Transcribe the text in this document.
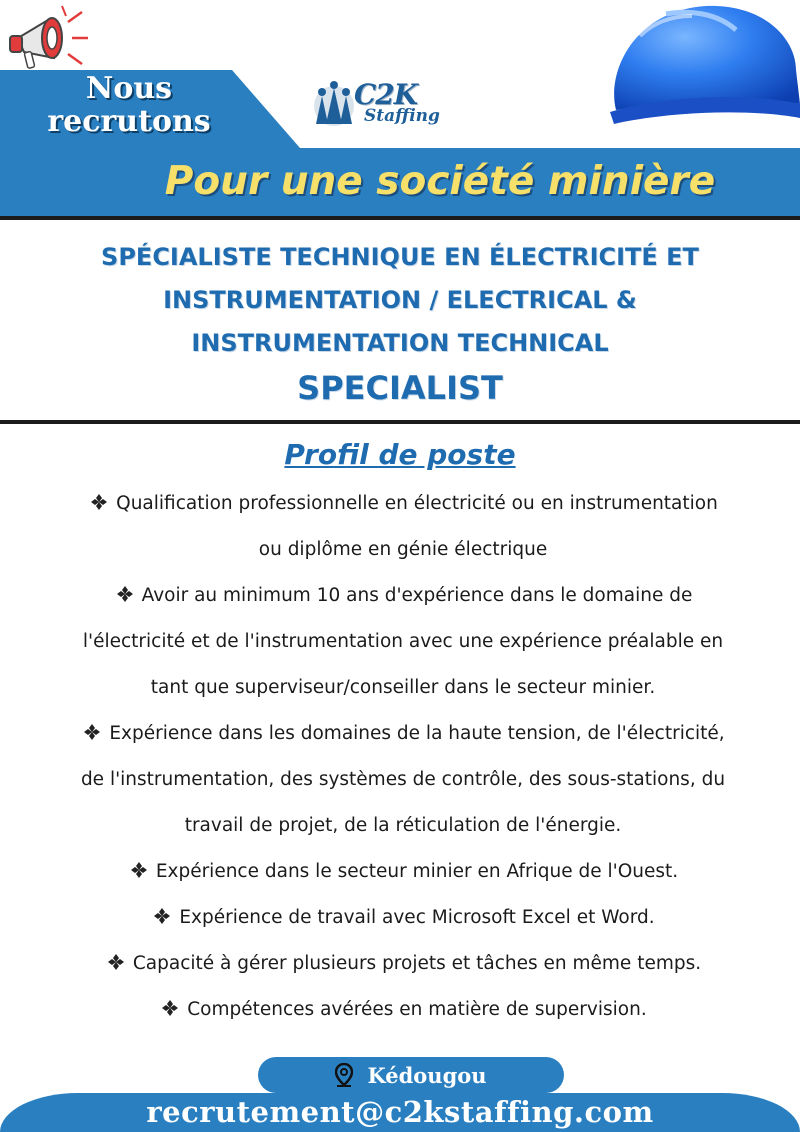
Nous
recrutons
C2K
Staffing
Pour une société minière
SPÉCIALISTE TECHNIQUE EN ÉLECTRICITÉ ET
INSTRUMENTATION / ELECTRICAL &
INSTRUMENTATION TECHNICAL
SPECIALIST
Profil de poste
Qualification professionnelle en électricité ou en instrumentation
ou diplôme en génie électrique
Avoir au minimum 10 ans d'expérience dans le domaine de
l'électricité et de l'instrumentation avec une expérience préalable en
tant que superviseur/conseiller dans le secteur minier.
Expérience dans les domaines de la haute tension, de l'électricité,
de l'instrumentation, des systèmes de contrôle, des sous-stations, du
travail de projet, de la réticulation de l'énergie.
Expérience dans le secteur minier en Afrique de l'Ouest.
Expérience de travail avec Microsoft Excel et Word.
Capacité à gérer plusieurs projets et tâches en même temps.
Compétences avérées en matière de supervision.
Kédougou
recrutement@c2kstaffing.com
